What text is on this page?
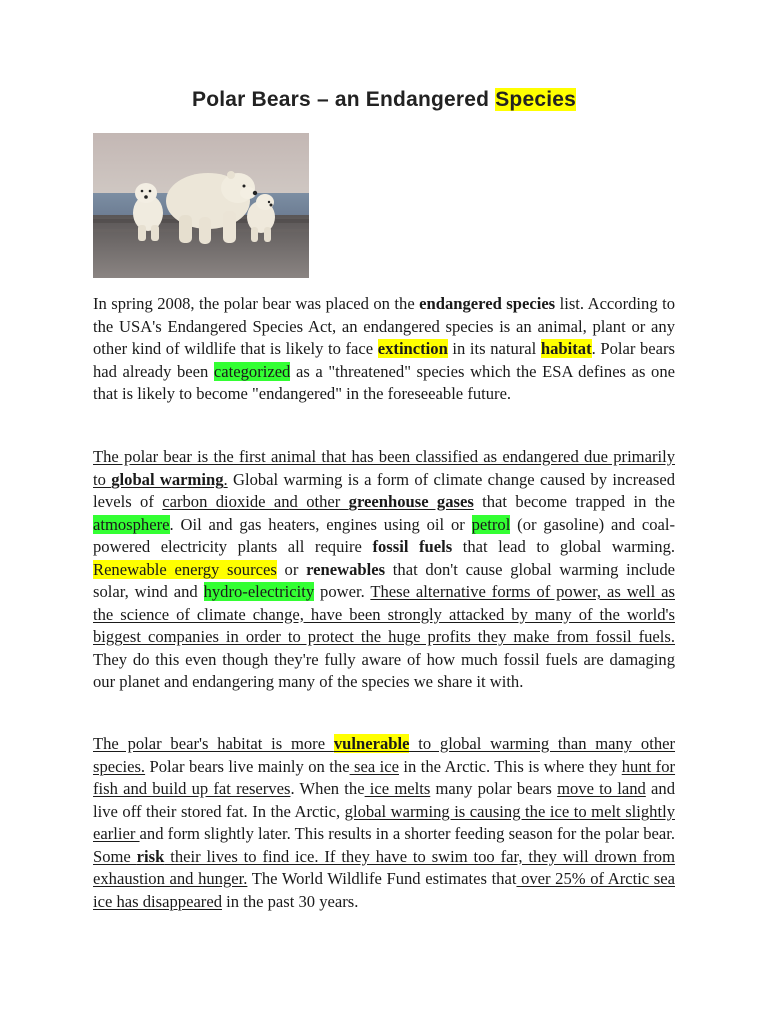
Polar Bears – an Endangered Species
In spring 2008, the polar bear was placed on the endangered species list. According to the USA's Endangered Species Act, an endangered species is an animal, plant or any other kind of wildlife that is likely to face extinction in its natural habitat. Polar bears had already been categorized as a "threatened" species which the ESA defines as one that is likely to become "endangered" in the foreseeable future.
The polar bear is the first animal that has been classified as endangered due primarily to global warming. Global warming is a form of climate change caused by increased levels of carbon dioxide and other greenhouse gases that become trapped in the atmosphere. Oil and gas heaters, engines using oil or petrol (or gasoline) and coal-powered electricity plants all require fossil fuels that lead to global warming. Renewable energy sources or renewables that don't cause global warming include solar, wind and hydro-electricity power. These alternative forms of power, as well as the science of climate change, have been strongly attacked by many of the world's biggest companies in order to protect the huge profits they make from fossil fuels. They do this even though they're fully aware of how much fossil fuels are damaging our planet and endangering many of the species we share it with.
The polar bear's habitat is more vulnerable to global warming than many other species. Polar bears live mainly on the sea ice in the Arctic. This is where they hunt for fish and build up fat reserves. When the ice melts many polar bears move to land and live off their stored fat. In the Arctic, global warming is causing the ice to melt slightly earlier and form slightly later. This results in a shorter feeding season for the polar bear. Some risk their lives to find ice. If they have to swim too far, they will drown from exhaustion and hunger. The World Wildlife Fund estimates that over 25% of Arctic sea ice has disappeared in the past 30 years.
